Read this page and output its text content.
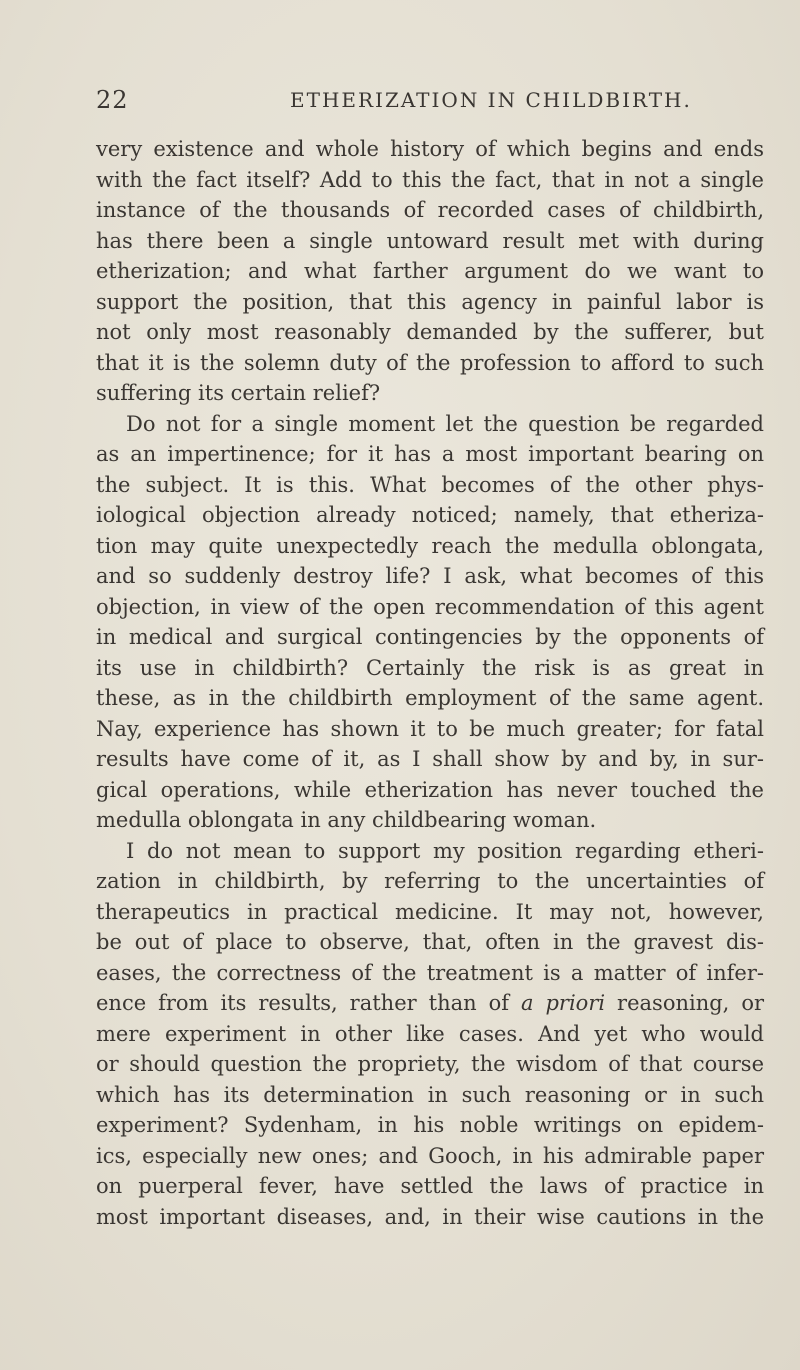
22	ETHERIZATION IN CHILDBIRTH.
very existence and whole history of which begins and ends
with the fact itself? Add to this the fact, that in not a single
instance of the thousands of recorded cases of childbirth,
has there been a single untoward result met with during
etherization; and what farther argument do we want to
support the position, that this agency in painful labor is
not only most reasonably demanded by the sufferer, but
that it is the solemn duty of the profession to afford to such
suffering its certain relief?
Do not for a single moment let the question be regarded
as an impertinence; for it has a most important bearing on
the subject. It is this. What becomes of the other phys-
iological objection already noticed; namely, that etheriza-
tion may quite unexpectedly reach the medulla oblongata,
and so suddenly destroy life? I ask, what becomes of this
objection, in view of the open recommendation of this agent
in medical and surgical contingencies by the opponents of
its use in childbirth? Certainly the risk is as great in
these, as in the childbirth employment of the same agent.
Nay, experience has shown it to be much greater; for fatal
results have come of it, as I shall show by and by, in sur-
gical operations, while etherization has never touched the
medulla oblongata in any childbearing woman.
I do not mean to support my position regarding etheri-
zation in childbirth, by referring to the uncertainties of
therapeutics in practical medicine. It may not, however,
be out of place to observe, that, often in the gravest dis-
eases, the correctness of the treatment is a matter of infer-
ence from its results, rather than of a priori reasoning, or
mere experiment in other like cases. And yet who would
or should question the propriety, the wisdom of that course
which has its determination in such reasoning or in such
experiment? Sydenham, in his noble writings on epidem-
ics, especially new ones; and Gooch, in his admirable paper
on puerperal fever, have settled the laws of practice in
most important diseases, and, in their wise cautions in the
